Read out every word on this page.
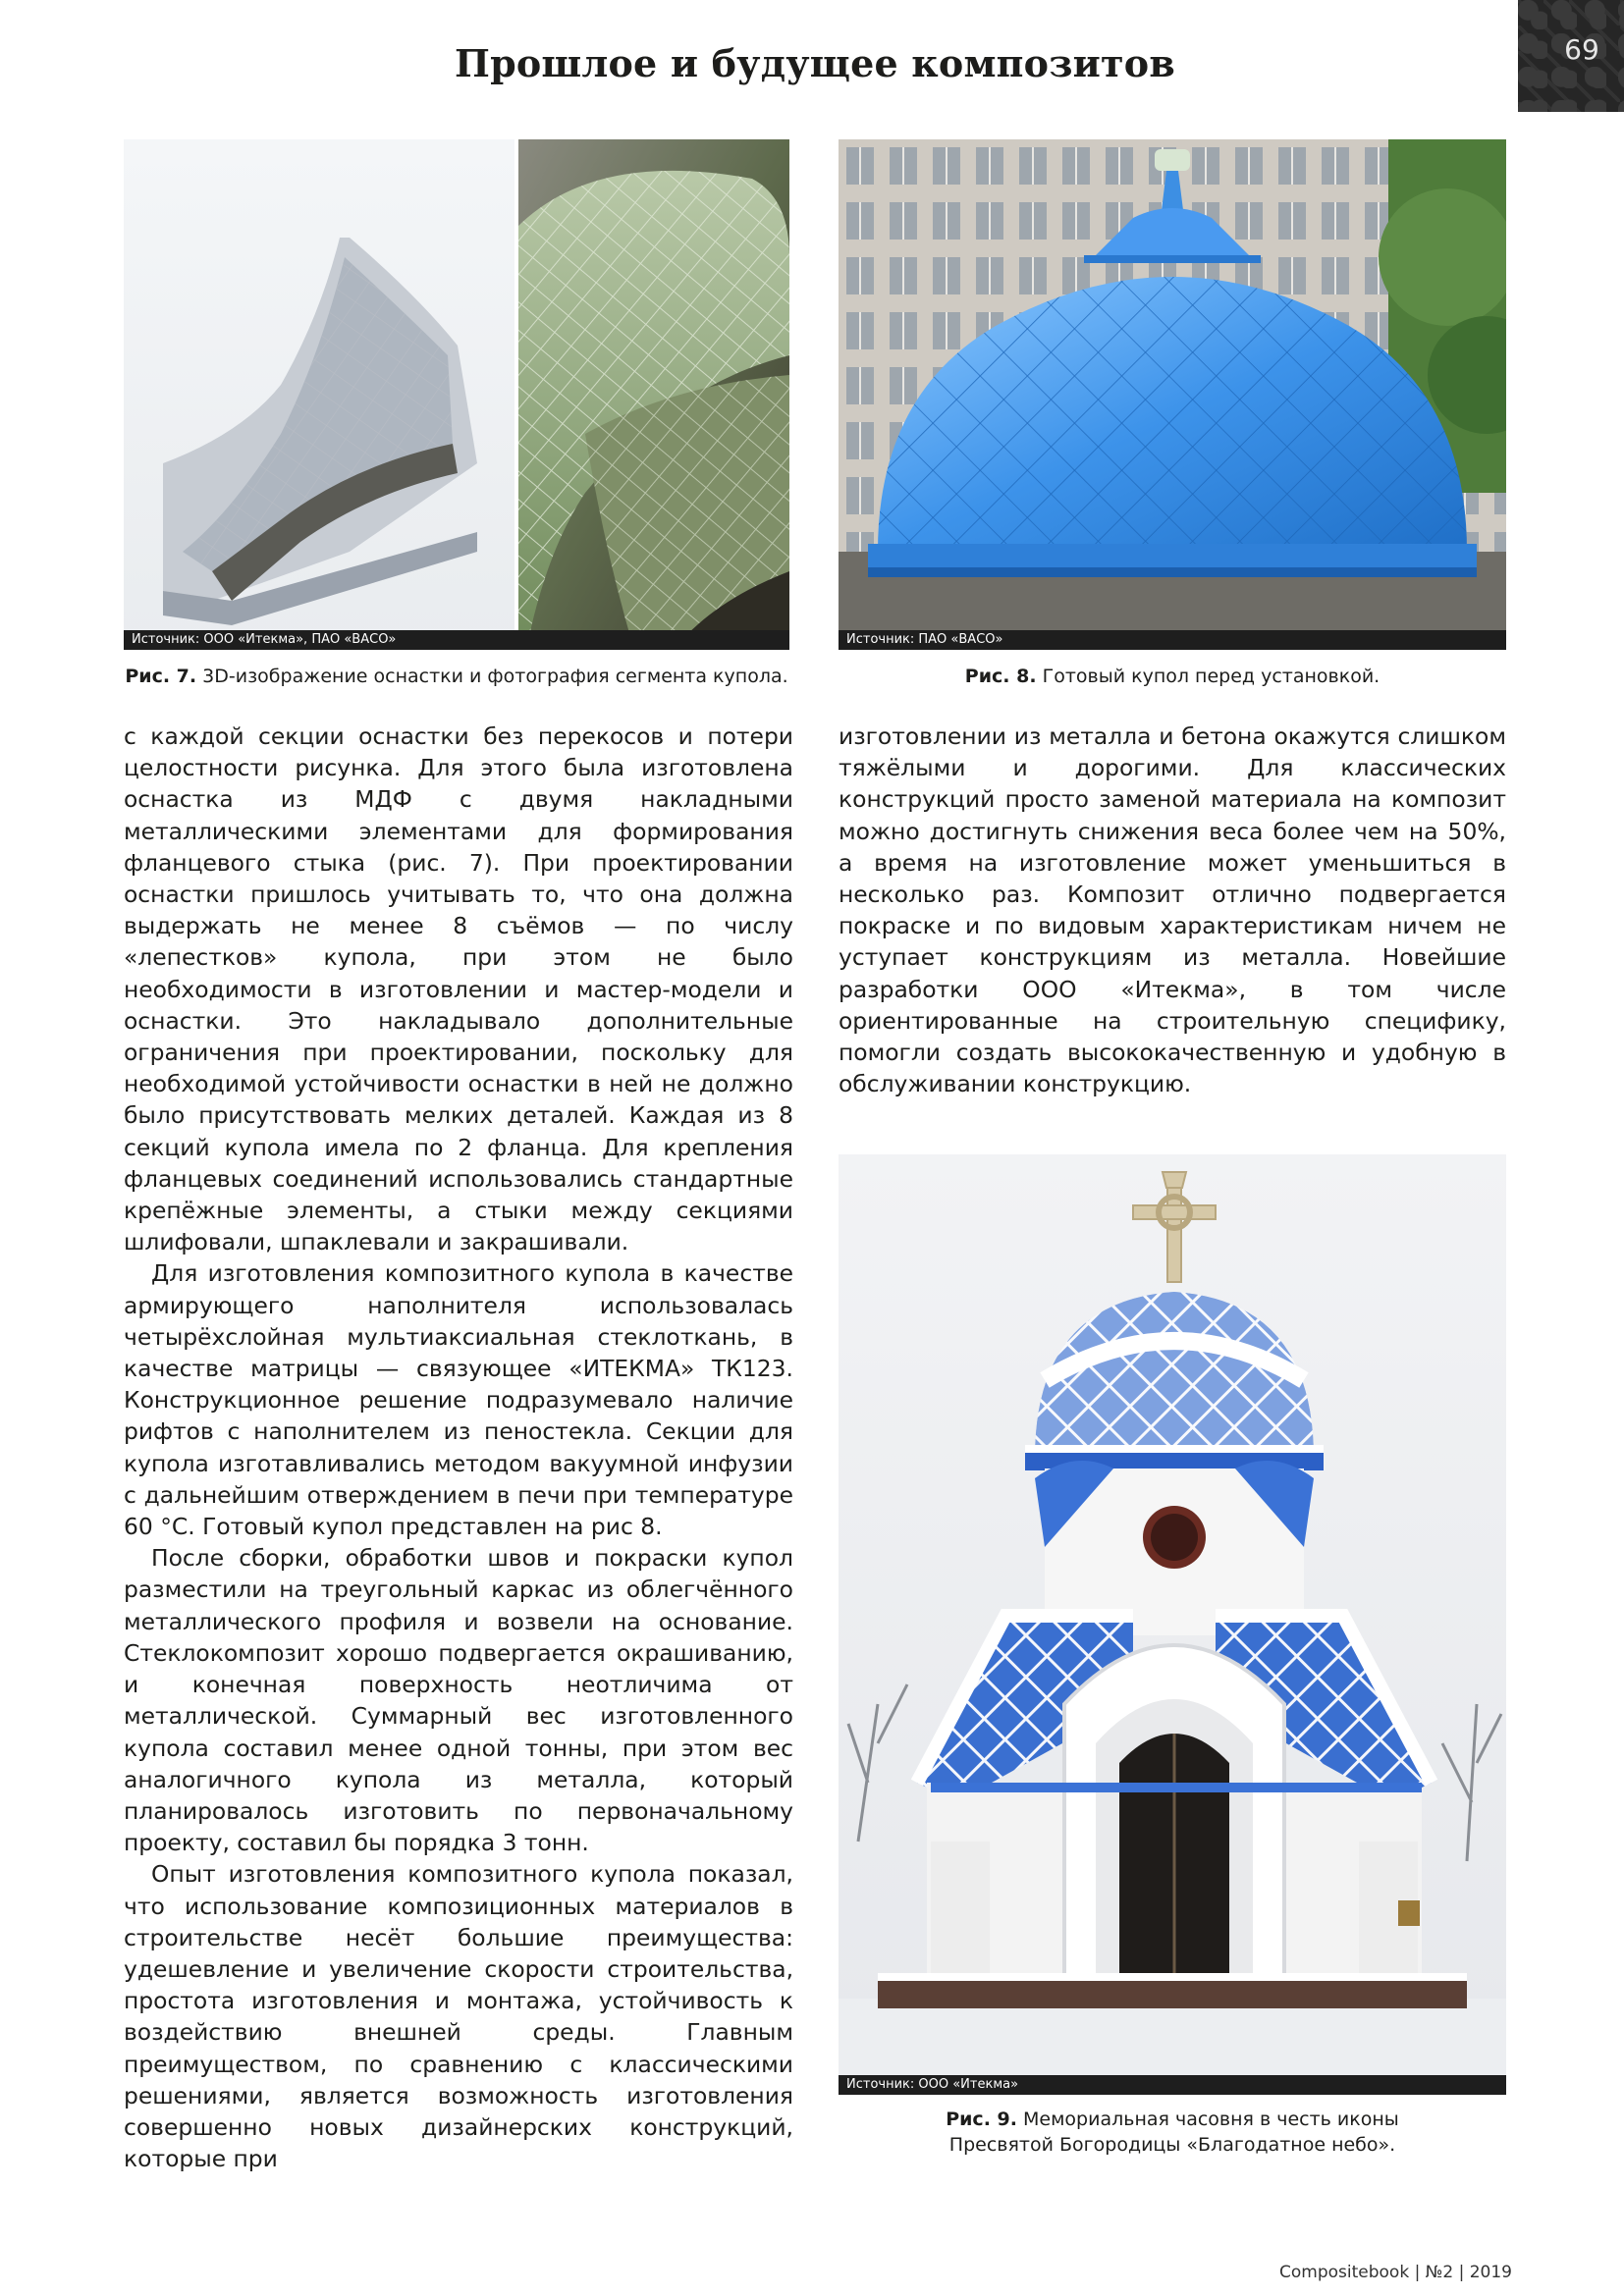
Прошлое и будущее композитов	69
Источник: ООО «Итекма», ПАО «ВАСО»
Рис. 7. 3D-изображение оснастки и фотография сегмента купола.
Источник: ПАО «ВАСО»
Рис. 8. Готовый купол перед установкой.

с каждой секции оснастки без перекосов и потери целостности рисунка. Для этого была изготовлена оснастка из МДФ с двумя накладными металлическими элементами для формирования фланцевого стыка (рис. 7). При проектировании оснастки пришлось учитывать то, что она должна выдержать не менее 8 съёмов — по числу «лепестков» купола, при этом не было необходимости в изготовлении и мастер-модели и оснастки. Это накладывало дополнительные ограничения при проектировании, поскольку для необходимой устойчивости оснастки в ней не должно было присутствовать мелких деталей. Каждая из 8 секций купола имела по 2 фланца. Для крепления фланцевых соединений использовались стандартные крепёжные элементы, а стыки между секциями шлифовали, шпаклевали и закрашивали.

Для изготовления композитного купола в качестве армирующего наполнителя использовалась четырёхслойная мультиаксиальная стеклоткань, в качестве матрицы — связующее «ИТЕКМА» ТК123. Конструкционное решение подразумевало наличие рифтов с наполнителем из пеностекла. Секции для купола изготавливались методом вакуумной инфузии с дальнейшим отверждением в печи при температуре 60 °С. Готовый купол представлен на рис 8.

После сборки, обработки швов и покраски купол разместили на треугольный каркас из облегчённого металлического профиля и возвели на основание. Стеклокомпозит хорошо подвергается окрашиванию, и конечная поверхность неотличима от металлической. Суммарный вес изготовленного купола составил менее одной тонны, при этом вес аналогичного купола из металла, который планировалось изготовить по первоначальному проекту, составил бы порядка 3 тонн.

Опыт изготовления композитного купола показал, что использование композиционных материалов в строительстве несёт большие преимущества: удешевление и увеличение скорости строительства, простота изготовления и монтажа, устойчивость к воздействию внешней среды. Главным преимуществом, по сравнению с классическими решениями, является возможность изготовления совершенно новых дизайнерских конструкций, которые при

изготовлении из металла и бетона окажутся слишком тяжёлыми и дорогими. Для классических конструкций просто заменой материала на композит можно достигнуть снижения веса более чем на 50%, а время на изготовление может уменьшиться в несколько раз. Композит отлично подвергается покраске и по видовым характеристикам ничем не уступает конструкциям из металла. Новейшие разработки ООО «Итекма», в том числе ориентированные на строительную специфику, помогли создать высококачественную и удобную в обслуживании конструкцию.

Источник: ООО «Итекма»
Рис. 9. Мемориальная часовня в честь иконы
Пресвятой Богородицы «Благодатное небо».
Compositebook | №2 | 2019
